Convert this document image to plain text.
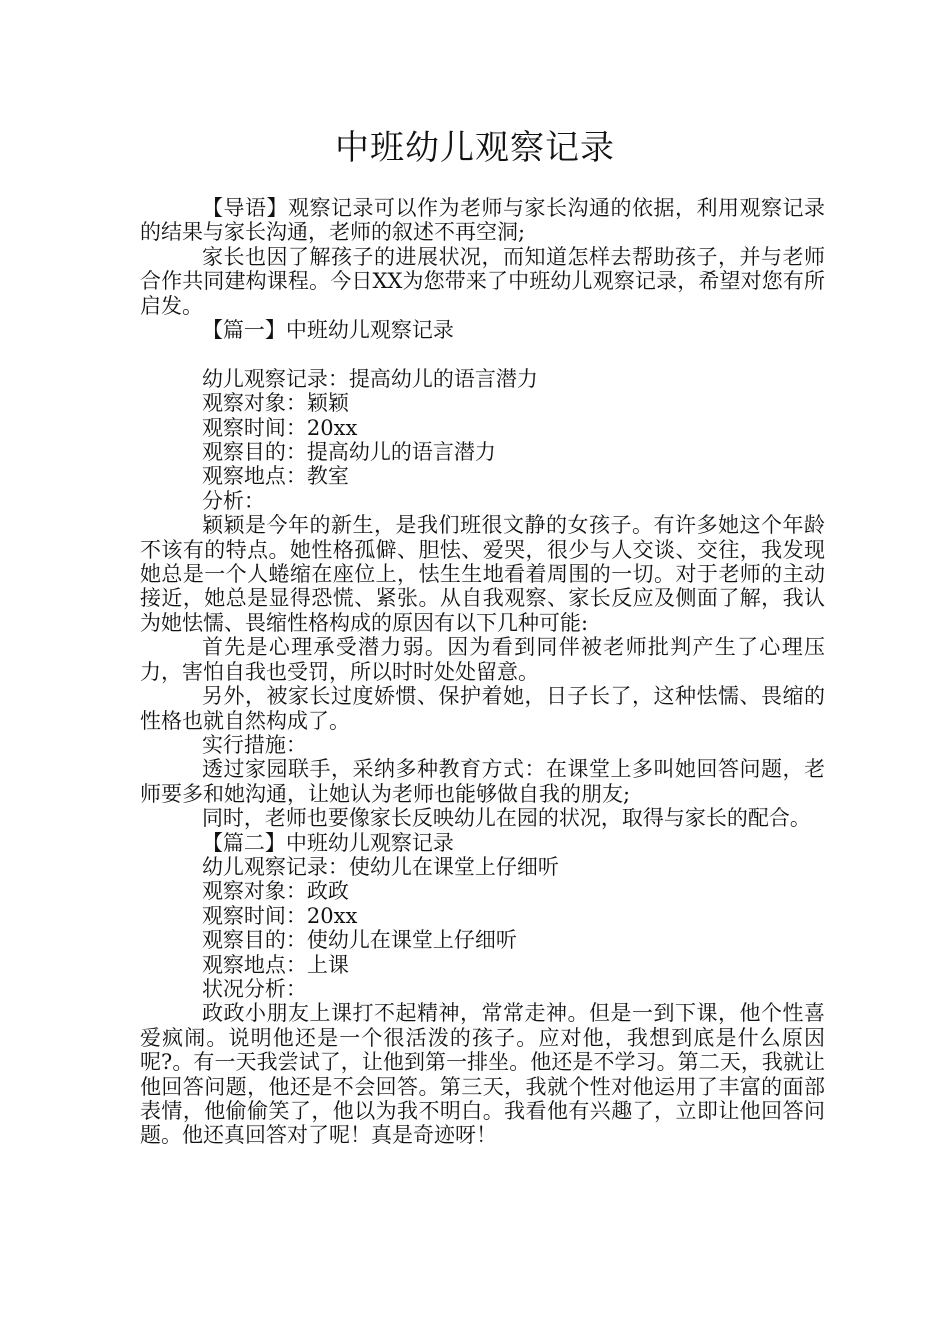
中班幼儿观察记录

【导语】观察记录可以作为老师与家长沟通的依据，利用观察记录的结果与家长沟通，老师的叙述不再空洞;

家长也因了解孩子的进展状况，而知道怎样去帮助孩子，并与老师合作共同建构课程。今日XX为您带来了中班幼儿观察记录，希望对您有所启发。

【篇一】中班幼儿观察记录

幼儿观察记录：提高幼儿的语言潜力

观察对象：颖颖

观察时间：20xx

观察目的：提高幼儿的语言潜力

观察地点：教室

分析：

颖颖是今年的新生，是我们班很文静的女孩子。有许多她这个年龄不该有的特点。她性格孤僻、胆怯、爱哭，很少与人交谈、交往，我发现她总是一个人蜷缩在座位上，怯生生地看着周围的一切。对于老师的主动接近，她总是显得恐慌、紧张。从自我观察、家长反应及侧面了解，我认为她怯懦、畏缩性格构成的原因有以下几种可能:

首先是心理承受潜力弱。因为看到同伴被老师批判产生了心理压力，害怕自我也受罚，所以时时处处留意。

另外，被家长过度娇惯、保护着她，日子长了，这种怯懦、畏缩的性格也就自然构成了。

实行措施：

透过家园联手，采纳多种教育方式：在课堂上多叫她回答问题，老师要多和她沟通，让她认为老师也能够做自我的朋友;

同时，老师也要像家长反映幼儿在园的状况，取得与家长的配合。

【篇二】中班幼儿观察记录

幼儿观察记录：使幼儿在课堂上仔细听

观察对象：政政

观察时间：20xx

观察目的：使幼儿在课堂上仔细听

观察地点：上课

状况分析：

政政小朋友上课打不起精神，常常走神。但是一到下课，他个性喜爱疯闹。说明他还是一个很活泼的孩子。应对他，我想到底是什么原因呢?。有一天我尝试了，让他到第一排坐。他还是不学习。第二天，我就让他回答问题，他还是不会回答。第三天，我就个性对他运用了丰富的面部表情，他偷偷笑了，他以为我不明白。我看他有兴趣了，立即让他回答问题。他还真回答对了呢！真是奇迹呀！
